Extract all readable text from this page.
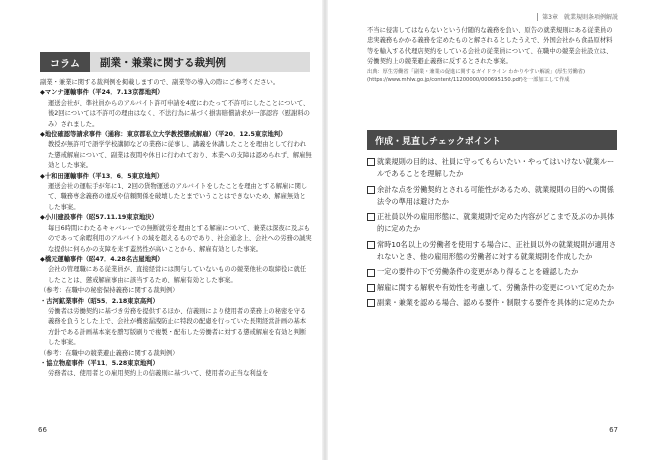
コラム	副業・兼業に関する裁判例

副業・兼業に関する裁判例を掲載しますので、副業等の導入の際にご参考ください。

◆マンナ運輸事件（平24．7.13京都地判）

運送会社が、準社員からのアルバイト許可申請を4度にわたって不許可にしたことについて、後2回については不許可の理由はなく、不法行為に基づく損害賠償請求が一部認容（慰謝料のみ）されました。

◆地位確認等請求事件（通称：東京都私立大学教授懲戒解雇）（平20．12.5東京地判）

教授が無許可で語学学校講師などの業務に従事し、講義を休講したことを理由として行われた懲戒解雇について、副業は夜間や休日に行われており、本業への支障は認められず、解雇無効とした事案。

◆十和田運輸事件（平13．6．5東京地判）

運送会社の運転手が年に1、2回の貨物運送のアルバイトをしたことを理由とする解雇に関して、職務専念義務の違反や信頼関係を破壊したとまでいうことはできないため、解雇無効とした事案。

◆小川建設事件（昭57.11.19東京地決）

毎日6時間にわたるキャバレーでの無断就労を理由とする解雇について、兼業は深夜に及ぶものであって余暇利用のアルバイトの域を超えるものであり、社会通念上、会社への労務の誠実な提供に何らかの支障を来す蓋然性が高いことから、解雇有効とした事案。

◆橋元運輸事件（昭47．4.28名古屋地判）

会社の管理職にある従業員が、直接経営には関与していないものの競業他社の取締役に就任したことは、懲戒解雇事由に該当するため、解雇有効とした事案。

（参考：在職中の秘密保持義務に関する裁判例）

・古河鉱業事件（昭55．2.18東京高判）

労働者は労働契約に基づき労務を提供するほか、信義則により使用者の業務上の秘密を守る義務を負うとした上で、会社が機密漏洩防止に特段の配慮を行っていた長期経営計画の基本方針である計画基本案を謄写版刷りで複製・配布した労働者に対する懲戒解雇を有効と判断した事案。

（参考：在職中の競業避止義務に関する裁判例）

・協立物産事件（平11．5.28東京地判）

労務者は、使用者との雇用契約上の信義則に基づいて、使用者の正当な利益を

66
第3章　就業規則条項例解説

不当に侵害してはならないという付随的な義務を負い、原告の就業規則にある従業員の忠実義務もかかる義務を定めたものと解されるとしたうえで、外国会社から食品原材料等を輸入する代理店契約をしている会社の従業員について、在職中の競業会社設立は、労働契約上の競業避止義務に反するとされた事案。

出典：厚生労働省「副業・兼業の促進に関するガイドライン わかりやすい解説」(厚生労働省)(https://www.mhlw.go.jp/content/11200000/000695150.pdf)を一部加工して作成

作成・見直しチェックポイント
就業規則の目的は、社員に守ってもらいたい・やってはいけない就業ルールであることを理解したか
余計な点を労働契約とされる可能性があるため、就業規則の目的への関係法令の準用は避けたか
正社員以外の雇用形態に、就業規則で定めた内容がどこまで及ぶのか具体的に定めたか
常時10名以上の労働者を使用する場合に、正社員以外の就業規則が適用されないとき、他の雇用形態の労働者に対する就業規則を作成したか
一定の要件の下で労働条件の変更があり得ることを確認したか
解雇に関する解釈や有効性を考慮して、労働条件の変更について定めたか
副業・兼業を認める場合、認める要件・制限する要件を具体的に定めたか
67
